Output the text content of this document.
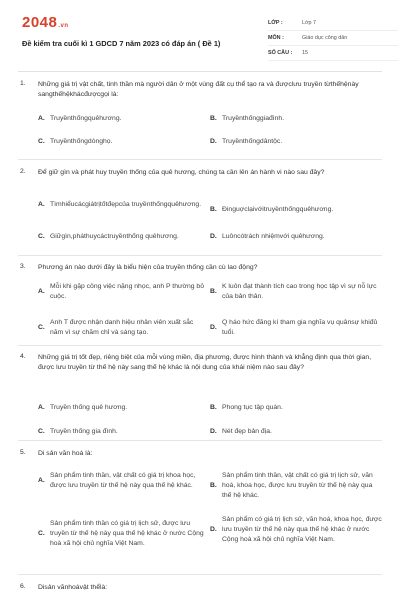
2048.vn
Đề kiểm tra cuối kì 1 GDCD 7 năm 2023 có đáp án ( Đề 1)
LỚP :	Lớp 7
MÔN :	Giáo dục công dân
SỐ CÂU :	15
1. Những giá trị vật chất, tinh thần mà người dân ở một vùng đất cụ thể tạo ra và đượclưu truyền từthếhệnày sangthếhệkhácđượcgọi là:
A. Truyềnthốngquêhương.	B. Truyềnthốnggiađình.
C. Truyềnthốngdònghọ.	D. Truyềnthốngdântộc.
2. Để giữ gìn và phát huy truyền thống của quê hương, chúng ta cần lên án hành vi nào sau đây?
A. Tìmhiểucácgiátrịtốtđẹpcủa truyềnthốngquêhương.
B. Đinguợclạivớitruyềnthốngquêhương.
C. Giữgìn,pháthuycáctruyềnthống quêhương.	D. Luôncótrách nhiệmvới quêhương.
3. Phương án nào dưới đây là biểu hiện của truyền thống cần cù lao động?
A.
Mỗi khi gặp công việc nặng nhọc, anh P thường bỏ cuộc.
B.
K luôn đạt thành tích cao trong học tập vì sự nỗ lực của bản thân.
C.
Anh T được nhận danh hiệu nhân viên xuất sắc năm vì sự chăm chỉ và sáng tạo.
D.
Q háo hức đăng kí tham gia nghĩa vụ quânsự khiđủ tuổi.
4. Những giá trị tốt đẹp, riêng biệt của mỗi vùng miền, địa phương, được hình thành và khẳng định qua thời gian, được lưu truyền từ thế hệ này sang thế hệ khác là nội dung của khái niệm nào sau đây?
A. Truyền thống quê hương.	B. Phong tục tập quán.
C. Truyền thống gia đình.	D. Nét đẹp bản địa.
5. Di sản văn hoá là:
A.
Sản phẩm tinh thần, vật chất có giá trị khoa học, được lưu truyền từ thế hệ này qua thế hệ khác.	B.
Sản phẩm tinh thần, vật chất có giá trị lịch sử, văn hoá, khoa học, được lưu truyền từ thế hệ này qua thế hệ khác.
C.
Sản phẩm tinh thần có giá trị lịch sử, được lưu truyền từ thế hệ này qua thế hệ khác ở nước Cộng hoà xã hội chủ nghĩa Việt Nam.
D.
Sản phẩm có giá trị lịch sử, văn hoá, khoa học, được lưu truyền từ thế hệ này qua thế hệ khác ở nước Cộng hoà xã hội chủ nghĩa Việt Nam.
6. Disản vănhoávật thểlà:
